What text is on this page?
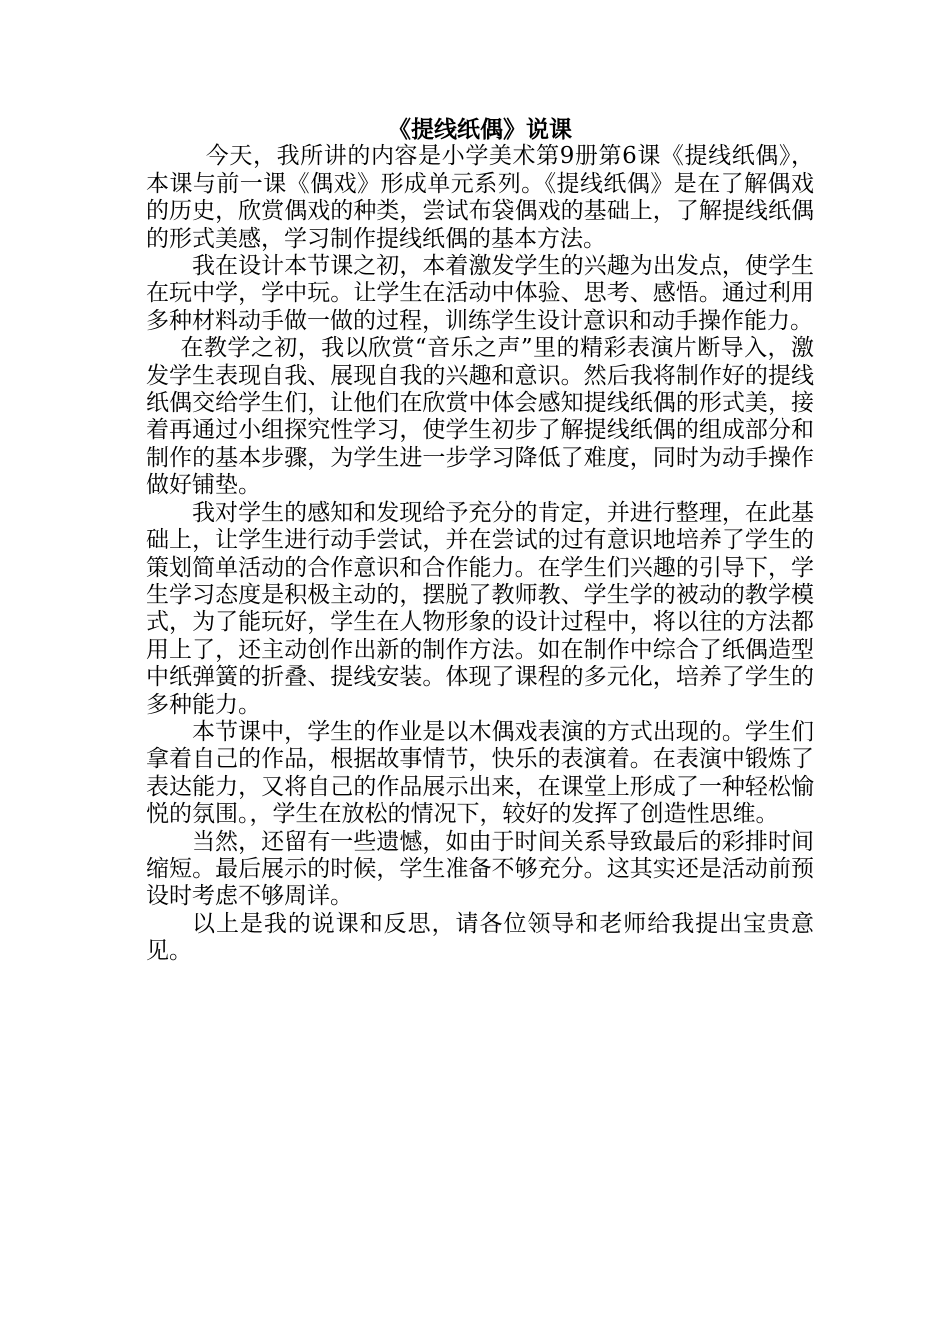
《提线纸偶》说课

今天，我所讲的内容是小学美术第9册第6课《提线纸偶》，本课与前一课《偶戏》形成单元系列。《提线纸偶》是在了解偶戏的历史，欣赏偶戏的种类，尝试布袋偶戏的基础上，了解提线纸偶的形式美感，学习制作提线纸偶的基本方法。

我在设计本节课之初，本着激发学生的兴趣为出发点，使学生在玩中学，学中玩。让学生在活动中体验、思考、感悟。通过利用多种材料动手做一做的过程，训练学生设计意识和动手操作能力。

在教学之初，我以欣赏“音乐之声”里的精彩表演片断导入，激发学生表现自我、展现自我的兴趣和意识。然后我将制作好的提线纸偶交给学生们，让他们在欣赏中体会感知提线纸偶的形式美，接着再通过小组探究性学习，使学生初步了解提线纸偶的组成部分和制作的基本步骤，为学生进一步学习降低了难度，同时为动手操作做好铺垫。

我对学生的感知和发现给予充分的肯定，并进行整理，在此基础上，让学生进行动手尝试，并在尝试的过有意识地培养了学生的策划简单活动的合作意识和合作能力。在学生们兴趣的引导下，学生学习态度是积极主动的，摆脱了教师教、学生学的被动的教学模式，为了能玩好，学生在人物形象的设计过程中，将以往的方法都用上了，还主动创作出新的制作方法。如在制作中综合了纸偶造型中纸弹簧的折叠、提线安装。体现了课程的多元化，培养了学生的多种能力。

本节课中，学生的作业是以木偶戏表演的方式出现的。学生们拿着自己的作品，根据故事情节，快乐的表演着。在表演中锻炼了表达能力，又将自己的作品展示出来，在课堂上形成了一种轻松愉悦的氛围。，学生在放松的情况下，较好的发挥了创造性思维。

当然，还留有一些遗憾，如由于时间关系导致最后的彩排时间缩短。最后展示的时候，学生准备不够充分。这其实还是活动前预设时考虑不够周详。

以上是我的说课和反思，请各位领导和老师给我提出宝贵意见。
